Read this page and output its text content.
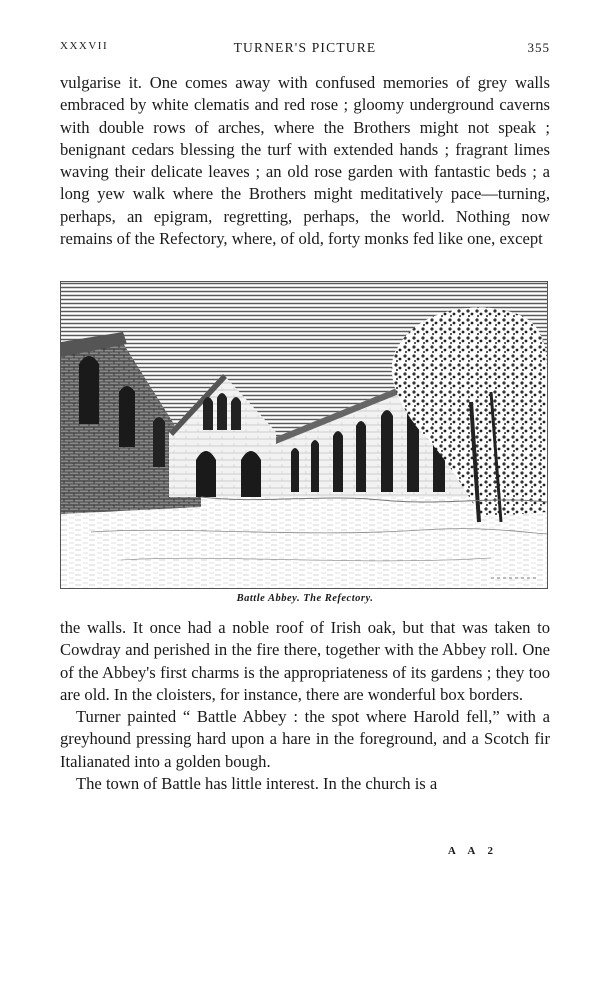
XXXVII	TURNER'S PICTURE	355

vulgarise it. One comes away with confused memories of grey walls embraced by white clematis and red rose ; gloomy underground caverns with double rows of arches, where the Brothers might not speak ; benignant cedars blessing the turf with extended hands ; fragrant limes waving their delicate leaves ; an old rose garden with fantastic beds ; a long yew walk where the Brothers might meditatively pace—turning, perhaps, an epigram, regretting, perhaps, the world. Nothing now remains of the Refectory, where, of old, forty monks fed like one, except

Battle Abbey. The Refectory.

the walls. It once had a noble roof of Irish oak, but that was taken to Cowdray and perished in the fire there, together with the Abbey roll. One of the Abbey's first charms is the appropriateness of its gardens ; they too are old. In the cloisters, for instance, there are wonderful box borders.

Turner painted “ Battle Abbey : the spot where Harold fell,” with a greyhound pressing hard upon a hare in the foreground, and a Scotch fir Italianated into a golden bough.

The town of Battle has little interest. In the church is a

A A 2
